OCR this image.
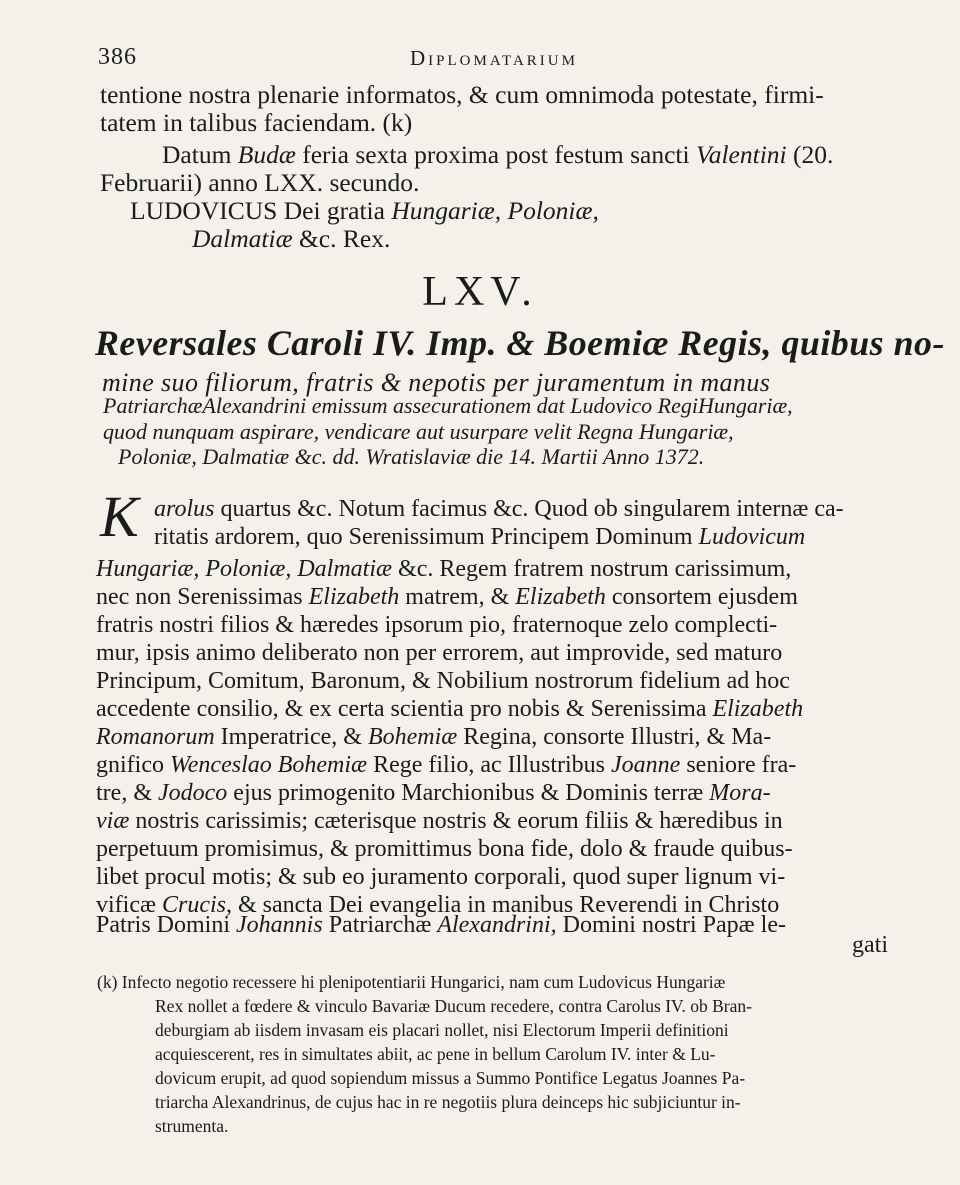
386	Diplomatarium
tentione nostra plenarie informatos, & cum omnimoda potestate, firmi-
tatem in talibus faciendam. (k)
Datum Budæ feria sexta proxima post festum sancti Valentini (20.
Februarii) anno LXX. secundo.
LUDOVICUS Dei gratia Hungariæ, Poloniæ,
Dalmatiæ &c. Rex.
LXV.
Reversales Caroli IV. Imp. & Boemiæ Regis, quibus no-
mine suo filiorum, fratris & nepotis per juramentum in manus
PatriarchæAlexandrini emissum assecurationem dat Ludovico RegiHungariæ,
quod nunquam aspirare, vendicare aut usurpare velit Regna Hungariæ,
Poloniæ, Dalmatiæ &c. dd. Wratislaviæ die 14. Martii Anno 1372.
K arolus quartus &c. Notum facimus &c. Quod ob singularem internæ ca-
ritatis ardorem, quo Serenissimum Principem Dominum Ludovicum
Hungariæ, Poloniæ, Dalmatiæ &c. Regem fratrem nostrum carissimum,
nec non Serenissimas Elizabeth matrem, & Elizabeth consortem ejusdem
fratris nostri filios & hæredes ipsorum pio, fraternoque zelo complecti-
mur, ipsis animo deliberato non per errorem, aut improvide, sed maturo
Principum, Comitum, Baronum, & Nobilium nostrorum fidelium ad hoc
accedente consilio, & ex certa scientia pro nobis & Serenissima Elizabeth
Romanorum Imperatrice, & Bohemiæ Regina, consorte Illustri, & Ma-
gnifico Wenceslao Bohemiæ Rege filio, ac Illustribus Joanne seniore fra-
tre, & Jodoco ejus primogenito Marchionibus & Dominis terræ Mora-
viæ nostris carissimis; cæterisque nostris & eorum filiis & hæredibus in
perpetuum promisimus, & promittimus bona fide, dolo & fraude quibus-
libet procul motis; & sub eo juramento corporali, quod super lignum vi-
vificæ Crucis, & sancta Dei evangelia in manibus Reverendi in Christo
Patris Domini Johannis Patriarchæ Alexandrini, Domini nostri Papæ le-
gati
(k) Infecto negotio recessere hi plenipotentiarii Hungarici, nam cum Ludovicus Hungariæ
Rex nollet a fœdere & vinculo Bavariæ Ducum recedere, contra Carolus IV. ob Bran-
deburgiam ab iisdem invasam eis placari nollet, nisi Electorum Imperii definitioni
acquiescerent, res in simultates abiit, ac pene in bellum Carolum IV. inter & Lu-
dovicum erupit, ad quod sopiendum missus a Summo Pontifice Legatus Joannes Pa-
triarcha Alexandrinus, de cujus hac in re negotiis plura deinceps hic subjiciuntur in-
strumenta.
